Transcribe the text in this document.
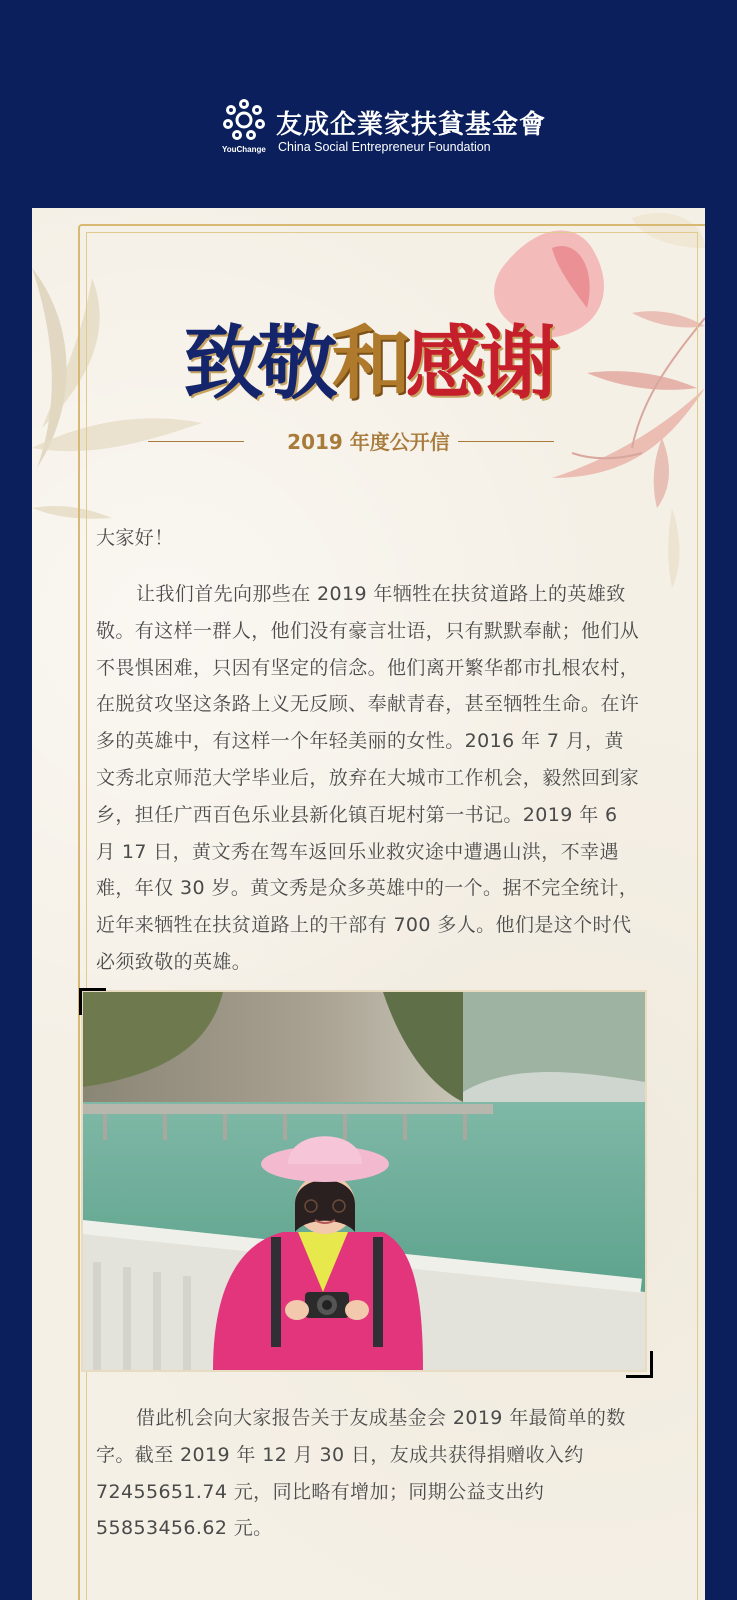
YouChange
友成企業家扶貧基金會
China Social Entrepreneur Foundation
致敬和感谢
2019 年度公开信
大家好！
让我们首先向那些在 2019 年牺牲在扶贫道路上的英雄致敬。有这样一群人，他们没有豪言壮语，只有默默奉献；他们从不畏惧困难，只因有坚定的信念。他们离开繁华都市扎根农村，在脱贫攻坚这条路上义无反顾、奉献青春，甚至牺牲生命。在许多的英雄中，有这样一个年轻美丽的女性。2016 年 7 月，黄文秀北京师范大学毕业后，放弃在大城市工作机会，毅然回到家乡，担任广西百色乐业县新化镇百坭村第一书记。2019 年 6 月 17 日，黄文秀在驾车返回乐业救灾途中遭遇山洪，不幸遇难，年仅 30 岁。黄文秀是众多英雄中的一个。据不完全统计，近年来牺牲在扶贫道路上的干部有 700 多人。他们是这个时代必须致敬的英雄。
借此机会向大家报告关于友成基金会 2019 年最简单的数字。截至 2019 年 12 月 30 日，友成共获得捐赠收入约 72455651.74 元，同比略有增加；同期公益支出约 55853456.62 元。
